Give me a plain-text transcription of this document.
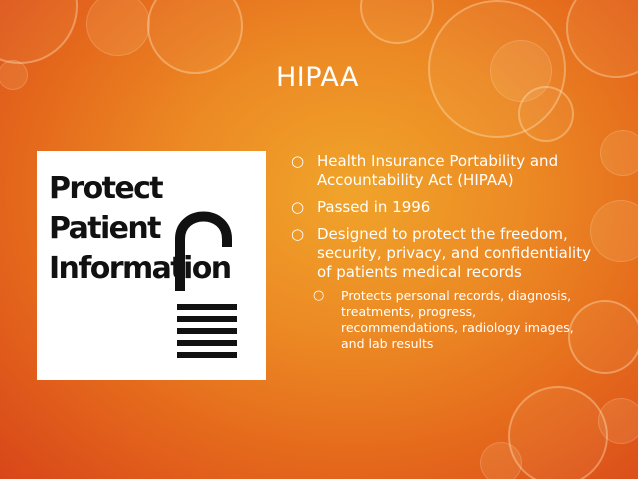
HIPAA
Protect
Patient
Information
○ Health Insurance Portability and Accountability Act (HIPAA)
○ Passed in 1996
○ Designed to protect the freedom, security, privacy, and confidentiality of patients medical records
○ Protects personal records, diagnosis, treatments, progress, recommendations, radiology images, and lab results
